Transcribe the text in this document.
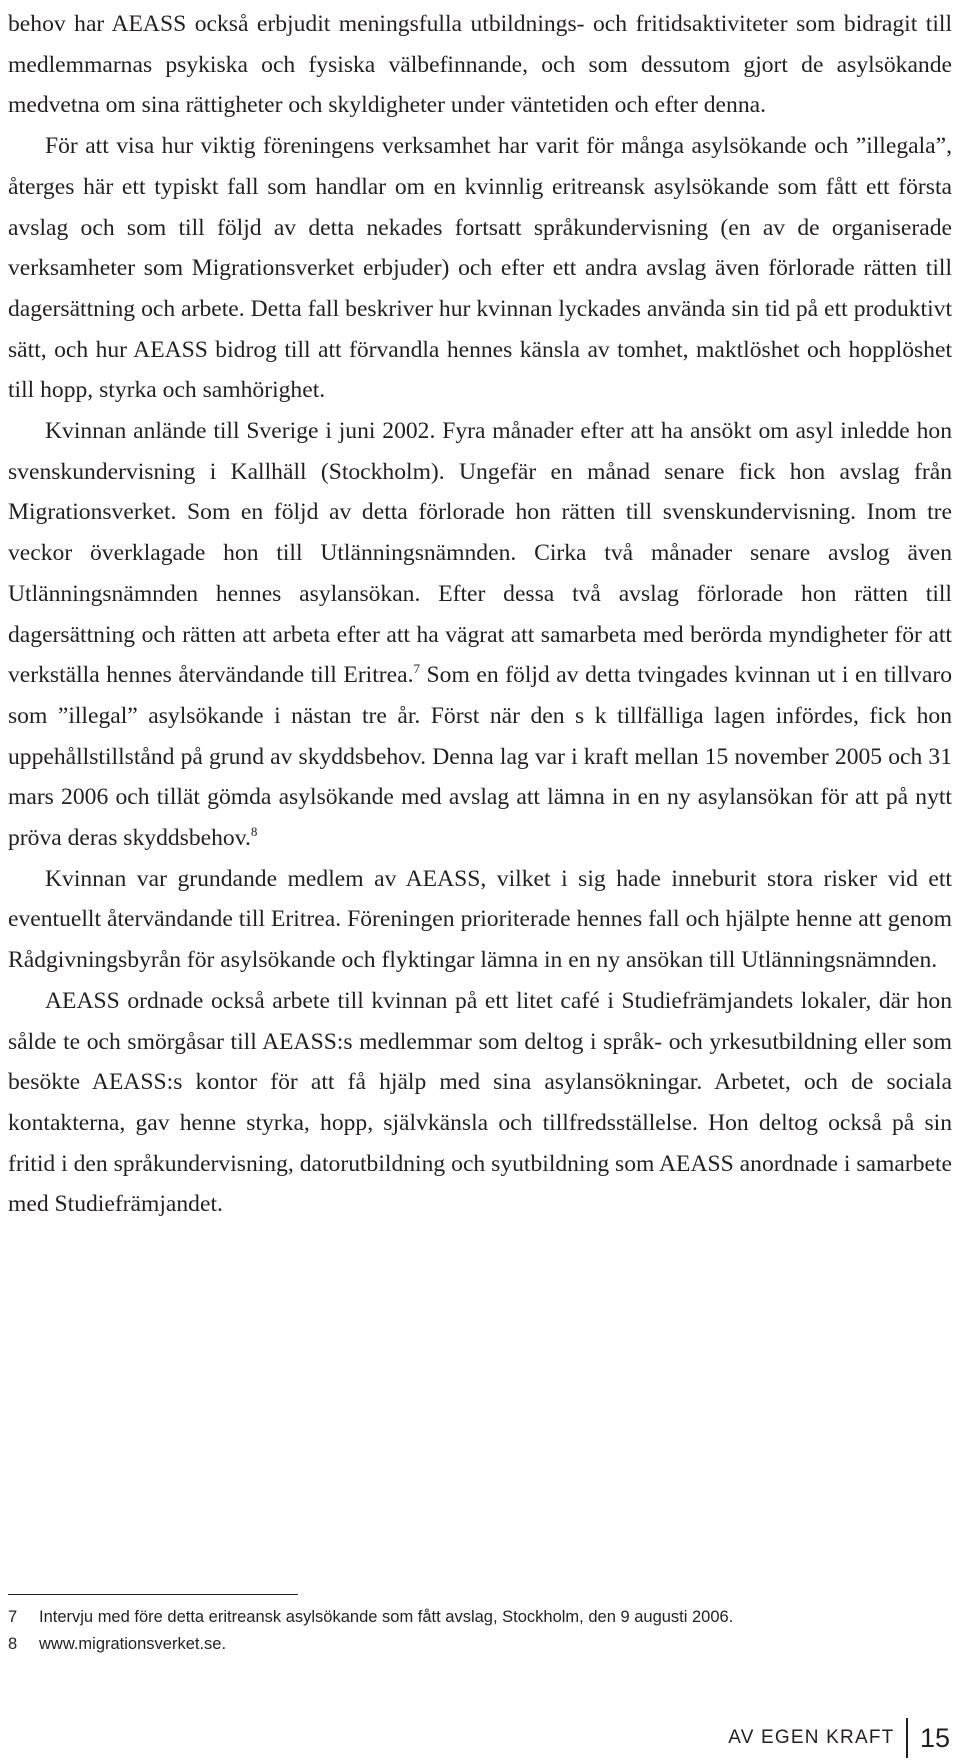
behov har AEASS också erbjudit meningsfulla utbildnings- och fritidsaktiviteter som bidragit till medlemmarnas psykiska och fysiska välbefinnande, och som dessutom gjort de asylsökande medvetna om sina rättigheter och skyldigheter under väntetiden och efter denna.

För att visa hur viktig föreningens verksamhet har varit för många asylsökande och ”illegala”, återges här ett typiskt fall som handlar om en kvinnlig eritreansk asylsökande som fått ett första avslag och som till följd av detta nekades fortsatt språkundervisning (en av de organiserade verksamheter som Migrationsverket erbjuder) och efter ett andra avslag även förlorade rätten till dagersättning och arbete. Detta fall beskriver hur kvinnan lyckades använda sin tid på ett produktivt sätt, och hur AEASS bidrog till att förvandla hennes känsla av tomhet, maktlöshet och hopplöshet till hopp, styrka och samhörighet.

Kvinnan anlände till Sverige i juni 2002. Fyra månader efter att ha ansökt om asyl inledde hon svenskundervisning i Kallhäll (Stockholm). Ungefär en månad senare fick hon avslag från Migrationsverket. Som en följd av detta förlorade hon rätten till svenskundervisning. Inom tre veckor överklagade hon till Utlänningsnämnden. Cirka två månader senare avslog även Utlänningsnämnden hennes asylansökan. Efter dessa två avslag förlorade hon rätten till dagersättning och rätten att arbeta efter att ha vägrat att samarbeta med berörda myndigheter för att verkställa hennes återvändande till Eritrea.$^7$ Som en följd av detta tvingades kvinnan ut i en tillvaro som ”illegal” asylsökande i nästan tre år. Först när den s k tillfälliga lagen infördes, fick hon uppehållstillstånd på grund av skyddsbehov. Denna lag var i kraft mellan 15 november 2005 och 31 mars 2006 och tillät gömda asylsökande med avslag att lämna in en ny asylansökan för att på nytt pröva deras skyddsbehov.$^8$

Kvinnan var grundande medlem av AEASS, vilket i sig hade inneburit stora risker vid ett eventuellt återvändande till Eritrea. Föreningen prioriterade hennes fall och hjälpte henne att genom Rådgivningsbyrån för asylsökande och flyktingar lämna in en ny ansökan till Utlänningsnämnden.

AEASS ordnade också arbete till kvinnan på ett litet café i Studiefrämjandets lokaler, där hon sålde te och smörgåsar till AEASS:s medlemmar som deltog i språk- och yrkesutbildning eller som besökte AEASS:s kontor för att få hjälp med sina asylansökningar. Arbetet, och de sociala kontakterna, gav henne styrka, hopp, självkänsla och tillfredsställelse. Hon deltog också på sin fritid i den språkundervisning, datorutbildning och syutbildning som AEASS anordnade i samarbete med Studiefrämjandet.

7	Intervju med före detta eritreansk asylsökande som fått avslag, Stockholm, den 9 augusti 2006.
8	www.migrationsverket.se.
AV EGEN KRAFT 15
